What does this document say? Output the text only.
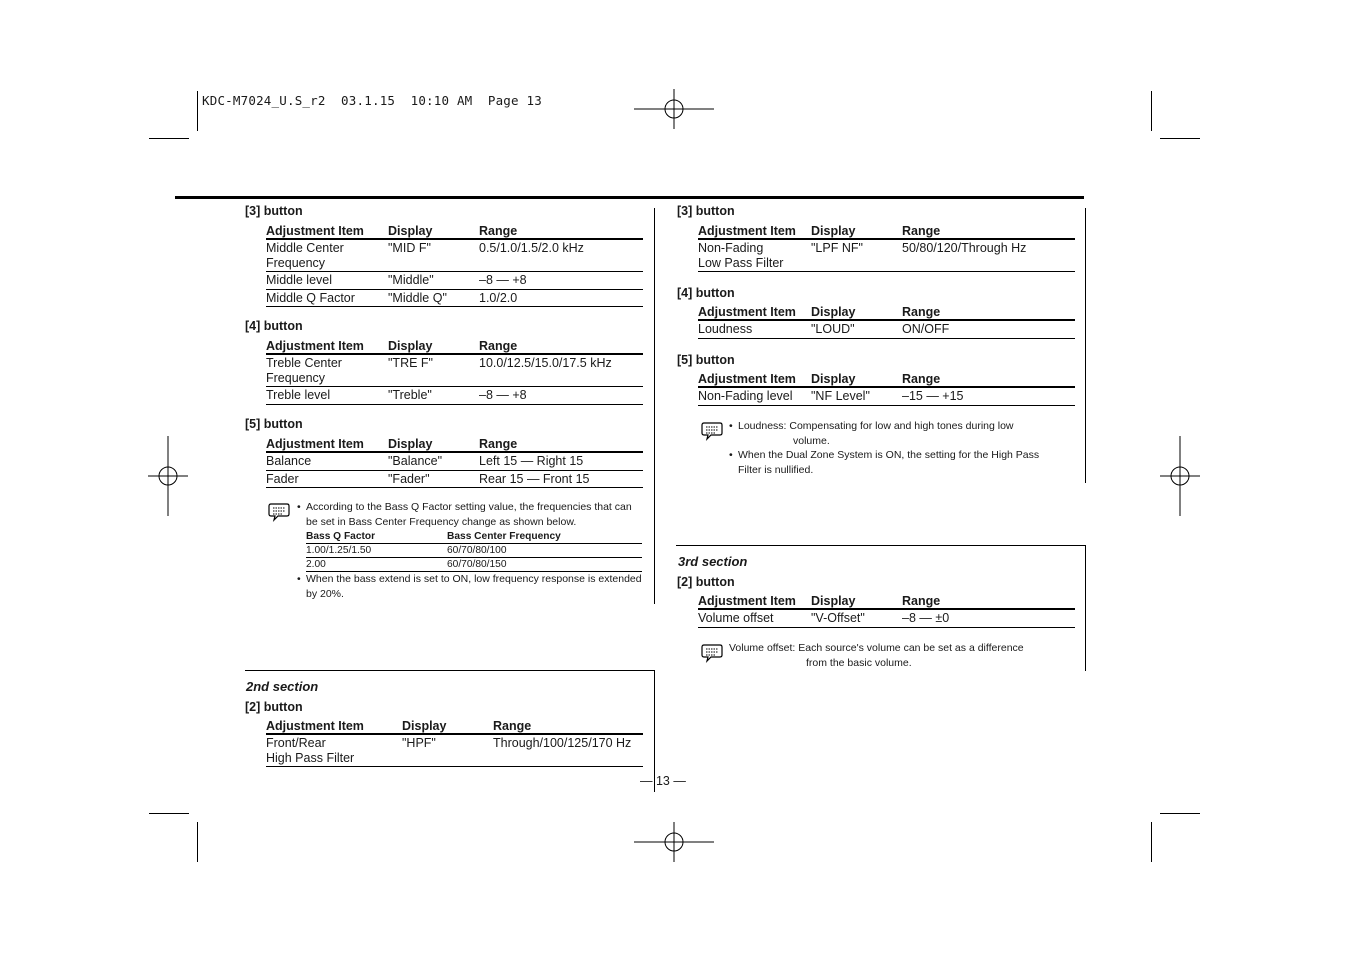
KDC-M7024_U.S_r2  03.1.15  10:10 AM  Page 13
[3] button
Adjustment Item	Display	Range
Middle Center
Frequency	"MID F"	0.5/1.0/1.5/2.0 kHz
Middle level	"Middle"	–8 — +8
Middle Q Factor	"Middle Q"	1.0/2.0
[4] button
Adjustment Item	Display	Range
Treble Center
Frequency	"TRE F"	10.0/12.5/15.0/17.5 kHz
Treble level	"Treble"	–8 — +8
[5] button
Adjustment Item	Display	Range
Balance	"Balance"	Left 15 — Right 15
Fader	"Fader"	Rear 15 — Front 15
• According to the Bass Q Factor setting value, the frequencies that can be set in Bass Center Frequency change as shown below.
Bass Q Factor	Bass Center Frequency
1.00/1.25/1.50	60/70/80/100
2.00	60/70/80/150
• When the bass extend is set to ON, low frequency response is extended by 20%.
2nd section
[2] button
Adjustment Item	Display	Range
Front/Rear
High Pass Filter	"HPF"	Through/100/125/170 Hz
[3] button
Adjustment Item	Display	Range
Non-Fading
Low Pass Filter	"LPF NF"	50/80/120/Through Hz
[4] button
Adjustment Item	Display	Range
Loudness	"LOUD"	ON/OFF
[5] button
Adjustment Item	Display	Range
Non-Fading level	"NF Level"	–15 — +15
• Loudness: Compensating for low and high tones during low
volume.
• When the Dual Zone System is ON, the setting for the High Pass
Filter is nullified.
3rd section
[2] button
Adjustment Item	Display	Range
Volume offset	"V-Offset"	–8 — ±0
Volume offset: Each source's volume can be set as a difference
from the basic volume.
— 13 —
